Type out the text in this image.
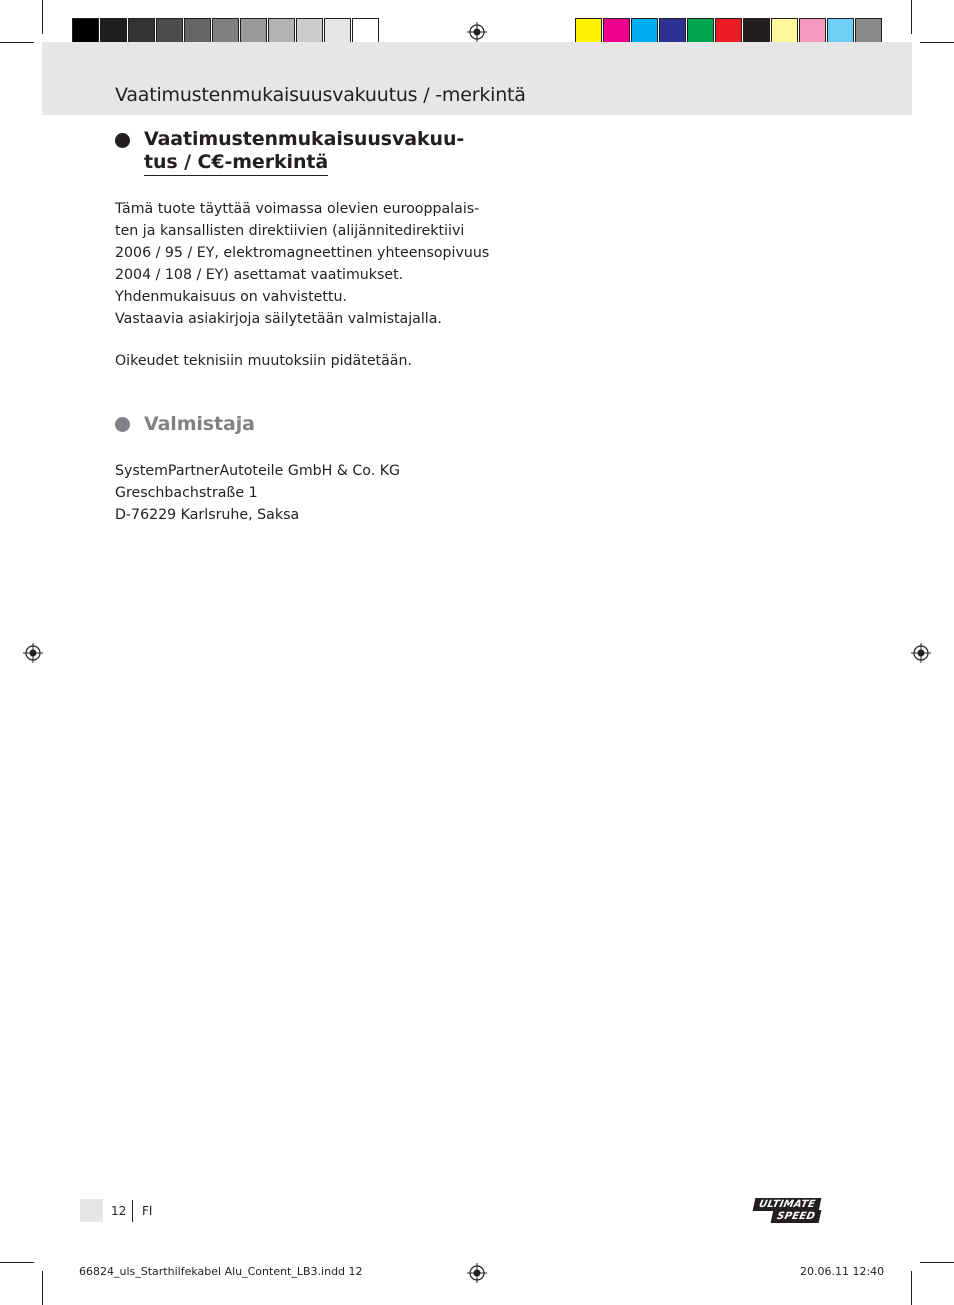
Vaatimustenmukaisuusvakuutus / -merkintä
Vaatimustenmukaisuusvakuu-
tus / C€-merkintä
Tämä tuote täyttää voimassa olevien eurooppalais-
ten ja kansallisten direktiivien (alijännitedirektiivi
2006 / 95 / EY, elektromagneettinen yhteensopivuus
2004 / 108 / EY) asettamat vaatimukset.
Yhdenmukaisuus on vahvistettu.
Vastaavia asiakirjoja säilytetään valmistajalla.
Oikeudet teknisiin muutoksiin pidätetään.
Valmistaja
SystemPartnerAutoteile GmbH & Co. KG
Greschbachstraße 1
D-76229 Karlsruhe, Saksa
12 FI	ULTIMATE
SPEED
66824_uls_Starthilfekabel Alu_Content_LB3.indd 12	20.06.11 12:40
